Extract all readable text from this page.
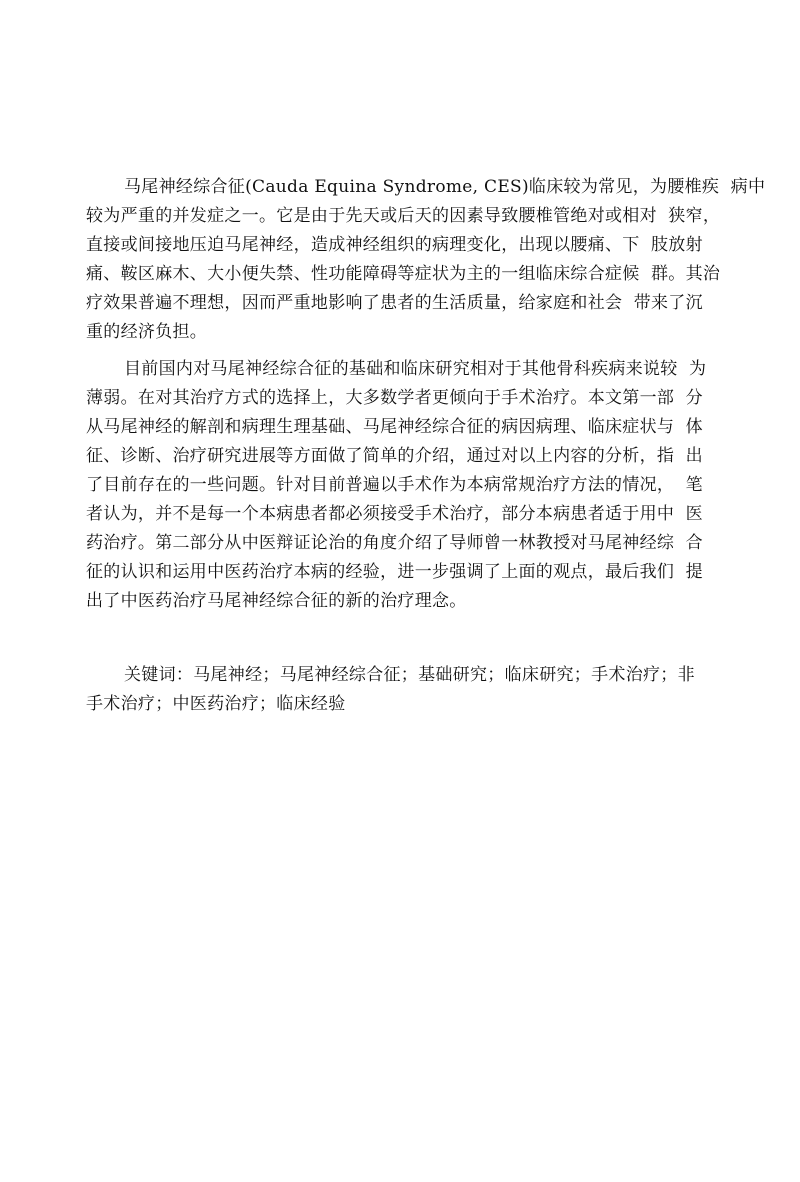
马尾神经综合征(Cauda Equina Syndrome, CES)临床较为常见，为腰椎疾  病中
较为严重的并发症之一。它是由于先天或后天的因素导致腰椎管绝对或相对  狭窄，
直接或间接地压迫马尾神经，造成神经组织的病理变化，出现以腰痛、下  肢放射
痛、鞍区麻木、大小便失禁、性功能障碍等症状为主的一组临床综合症候  群。其治
疗效果普遍不理想，因而严重地影响了患者的生活质量，给家庭和社会  带来了沉
重的经济负担。
目前国内对马尾神经综合征的基础和临床研究相对于其他骨科疾病来说较  为
薄弱。在对其治疗方式的选择上，大多数学者更倾向于手术治疗。本文第一部  分
从马尾神经的解剖和病理生理基础、马尾神经综合征的病因病理、临床症状与  体
征、诊断、治疗研究进展等方面做了简单的介绍，通过对以上内容的分析，指  出
了目前存在的一些问题。针对目前普遍以手术作为本病常规治疗方法的情况，  笔
者认为，并不是每一个本病患者都必须接受手术治疗，部分本病患者适于用中  医
药治疗。第二部分从中医辩证论治的角度介绍了导师曾一林教授对马尾神经综  合
征的认识和运用中医药治疗本病的经验，进一步强调了上面的观点，最后我们  提
出了中医药治疗马尾神经综合征的新的治疗理念。
关键词：马尾神经；马尾神经综合征；基础研究；临床研究；手术治疗；非
手术治疗；中医药治疗；临床经验
